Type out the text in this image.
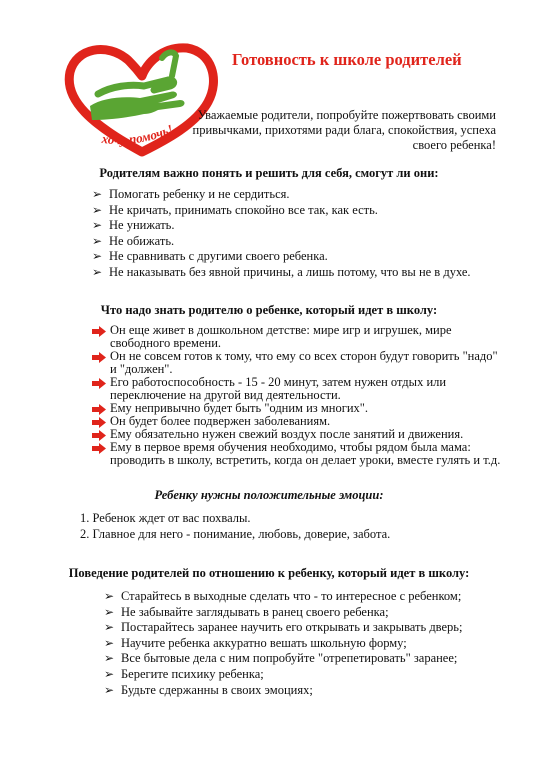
хочу помочь!
Готовность к школе родителей
Уважаемые родители, попробуйте пожертвовать своими привычками, прихотями ради блага, спокойствия, успеха своего ребенка!
Родителям важно понять и решить для себя, смогут ли они:
➢ Помогать ребенку и не сердиться.
➢ Не кричать, принимать спокойно все так, как есть.
➢ Не унижать.
➢ Не обижать.
➢ Не сравнивать с другими своего ребенка.
➢ Не наказывать без явной причины, а лишь потому, что вы не в духе.
Что надо знать родителю о ребенке, который идет в школу:
Он еще живет в дошкольном детстве: мире игр и игрушек, мире свободного времени.
Он не совсем готов к тому, что ему со всех сторон будут говорить "надо" и "должен".
Его работоспособность - 15 - 20 минут, затем нужен отдых или переключение на другой вид деятельности.
Ему непривычно будет быть "одним из многих".
Он будет более подвержен заболеваниям.
Ему обязательно нужен свежий воздух после занятий и движения.
Ему в первое время обучения необходимо, чтобы рядом была мама: проводить в школу, встретить, когда он делает уроки, вместе гулять и т.д.
Ребенку нужны положительные эмоции:
1. Ребенок ждет от вас похвалы.
2. Главное для него - понимание, любовь, доверие, забота.
Поведение родителей по отношению к ребенку, который идет в школу:
➢ Старайтесь в выходные сделать что - то интересное с ребенком;
➢ Не забывайте заглядывать в ранец своего ребенка;
➢ Постарайтесь заранее научить его открывать и закрывать дверь;
➢ Научите ребенка аккуратно вешать школьную форму;
➢ Все бытовые дела с ним попробуйте "отрепетировать" заранее;
➢ Берегите психику ребенка;
➢ Будьте сдержанны в своих эмоциях;
